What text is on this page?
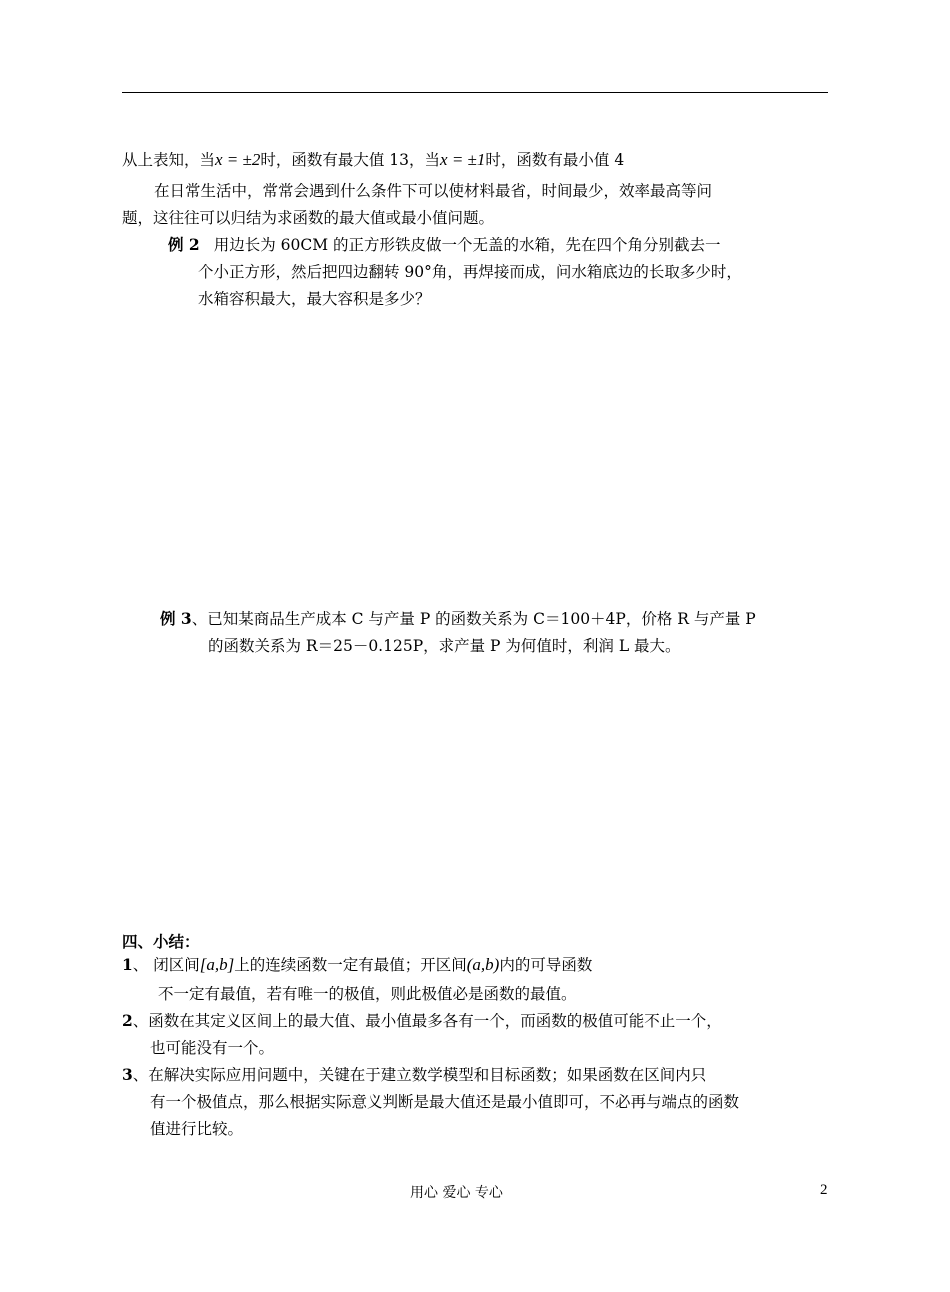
从上表知，当x = ±2时，函数有最大值 13，当x = ±1时，函数有最小值 4
在日常生活中，常常会遇到什么条件下可以使材料最省，时间最少，效率最高等问
题，这往往可以归结为求函数的最大值或最小值问题。
例 2 用边长为 60CM 的正方形铁皮做一个无盖的水箱，先在四个角分别截去一
个小正方形，然后把四边翻转 90°角，再焊接而成，问水箱底边的长取多少时，
水箱容积最大，最大容积是多少？
例 3、已知某商品生产成本 C 与产量 P 的函数关系为 C＝100＋4P，价格 R 与产量 P
的函数关系为 R＝25－0.125P，求产量 P 为何值时，利润 L 最大。
四、小结：
1、 闭区间[a,b]上的连续函数一定有最值；开区间(a,b)内的可导函数
不一定有最值，若有唯一的极值，则此极值必是函数的最值。
2、函数在其定义区间上的最大值、最小值最多各有一个，而函数的极值可能不止一个，
也可能没有一个。
3、在解决实际应用问题中，关键在于建立数学模型和目标函数；如果函数在区间内只
有一个极值点，那么根据实际意义判断是最大值还是最小值即可，不必再与端点的函数
值进行比较。
用心 爱心 专心	2
